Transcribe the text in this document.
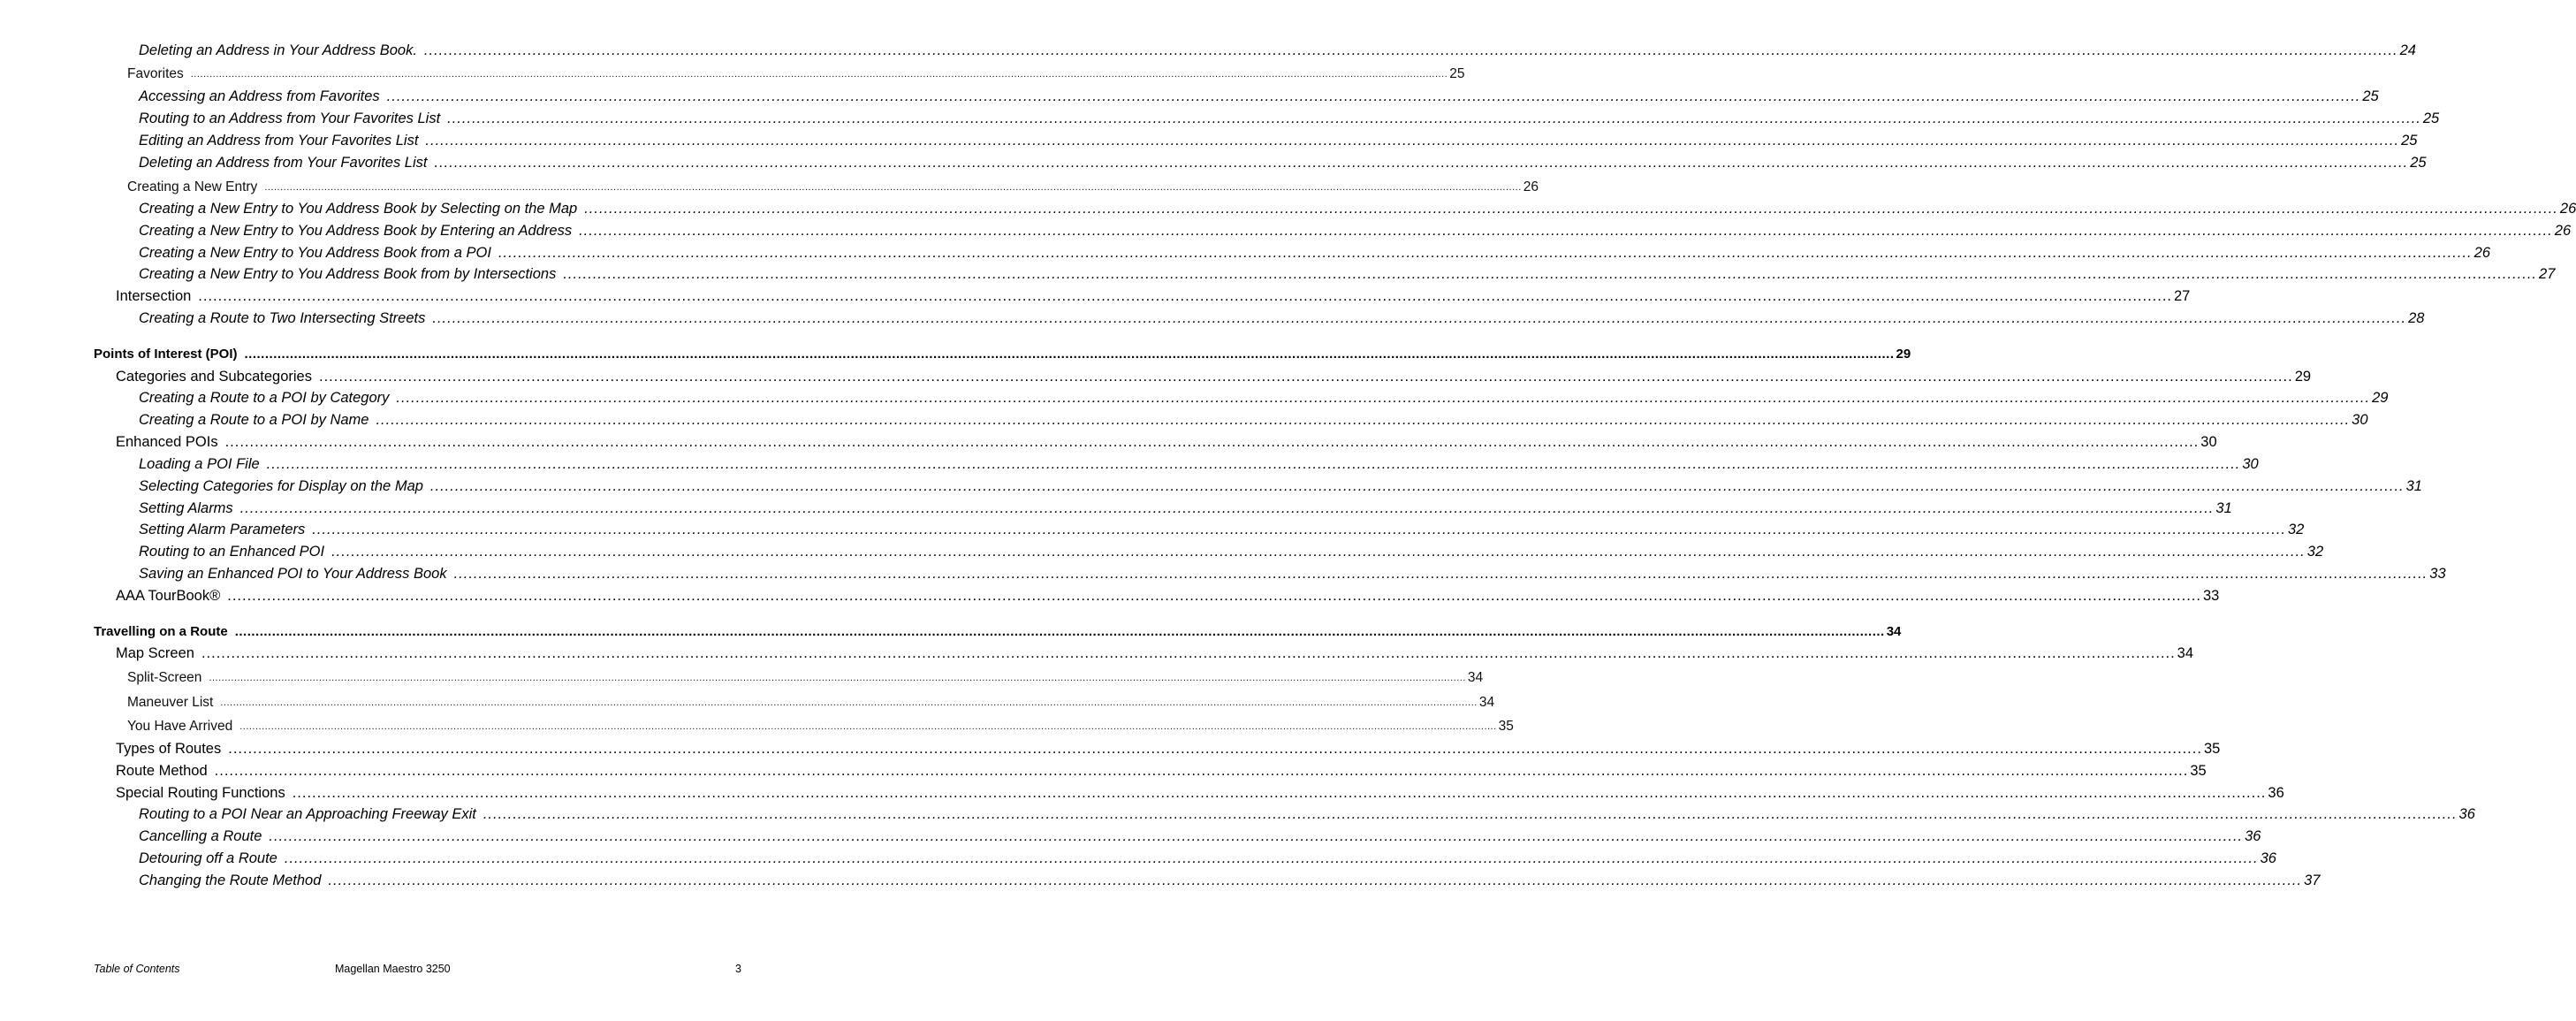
Deleting an Address in Your Address Book. ................................................................................................................................................................................................................................................................................................................................................................................................................ 24
Favorites ................................................................................................................................................................................................................................................................................................................................................................................................................ 25
Accessing an Address from Favorites ................................................................................................................................................................................................................................................................................................................................................................................................................ 25
Routing to an Address from Your Favorites List ................................................................................................................................................................................................................................................................................................................................................................................................................ 25
Editing an Address from Your Favorites List ................................................................................................................................................................................................................................................................................................................................................................................................................ 25
Deleting an Address from Your Favorites List ................................................................................................................................................................................................................................................................................................................................................................................................................ 25
Creating a New Entry ................................................................................................................................................................................................................................................................................................................................................................................................................ 26
Creating a New Entry to You Address Book by Selecting on the Map ................................................................................................................................................................................................................................................................................................................................................................................................................ 26
Creating a New Entry to You Address Book by Entering an Address ................................................................................................................................................................................................................................................................................................................................................................................................................ 26
Creating a New Entry to You Address Book from a POI ................................................................................................................................................................................................................................................................................................................................................................................................................ 26
Creating a New Entry to You Address Book from by Intersections ................................................................................................................................................................................................................................................................................................................................................................................................................ 27
Intersection ................................................................................................................................................................................................................................................................................................................................................................................................................ 27
Creating a Route to Two Intersecting Streets ................................................................................................................................................................................................................................................................................................................................................................................................................ 28
Points of Interest (POI) ................................................................................................................................................................................................................................................................................................................................................................................................................ 29
Categories and Subcategories ................................................................................................................................................................................................................................................................................................................................................................................................................ 29
Creating a Route to a POI by Category ................................................................................................................................................................................................................................................................................................................................................................................................................ 29
Creating a Route to a POI by Name ................................................................................................................................................................................................................................................................................................................................................................................................................ 30
Enhanced POIs ................................................................................................................................................................................................................................................................................................................................................................................................................ 30
Loading a POI File ................................................................................................................................................................................................................................................................................................................................................................................................................ 30
Selecting Categories for Display on the Map ................................................................................................................................................................................................................................................................................................................................................................................................................ 31
Setting Alarms ................................................................................................................................................................................................................................................................................................................................................................................................................ 31
Setting Alarm Parameters ................................................................................................................................................................................................................................................................................................................................................................................................................ 32
Routing to an Enhanced POI ................................................................................................................................................................................................................................................................................................................................................................................................................ 32
Saving an Enhanced POI to Your Address Book ................................................................................................................................................................................................................................................................................................................................................................................................................ 33
AAA TourBook® ................................................................................................................................................................................................................................................................................................................................................................................................................ 33
Travelling on a Route ................................................................................................................................................................................................................................................................................................................................................................................................................ 34
Map Screen ................................................................................................................................................................................................................................................................................................................................................................................................................ 34
Split-Screen ................................................................................................................................................................................................................................................................................................................................................................................................................ 34
Maneuver List ................................................................................................................................................................................................................................................................................................................................................................................................................ 34
You Have Arrived ................................................................................................................................................................................................................................................................................................................................................................................................................ 35
Types of Routes ................................................................................................................................................................................................................................................................................................................................................................................................................ 35
Route Method ................................................................................................................................................................................................................................................................................................................................................................................................................ 35
Special Routing Functions ................................................................................................................................................................................................................................................................................................................................................................................................................ 36
Routing to a POI Near an Approaching Freeway Exit ................................................................................................................................................................................................................................................................................................................................................................................................................ 36
Cancelling a Route ................................................................................................................................................................................................................................................................................................................................................................................................................ 36
Detouring off a Route ................................................................................................................................................................................................................................................................................................................................................................................................................ 36
Changing the Route Method ................................................................................................................................................................................................................................................................................................................................................................................................................ 37
Table of Contents	Magellan Maestro 3250	3
